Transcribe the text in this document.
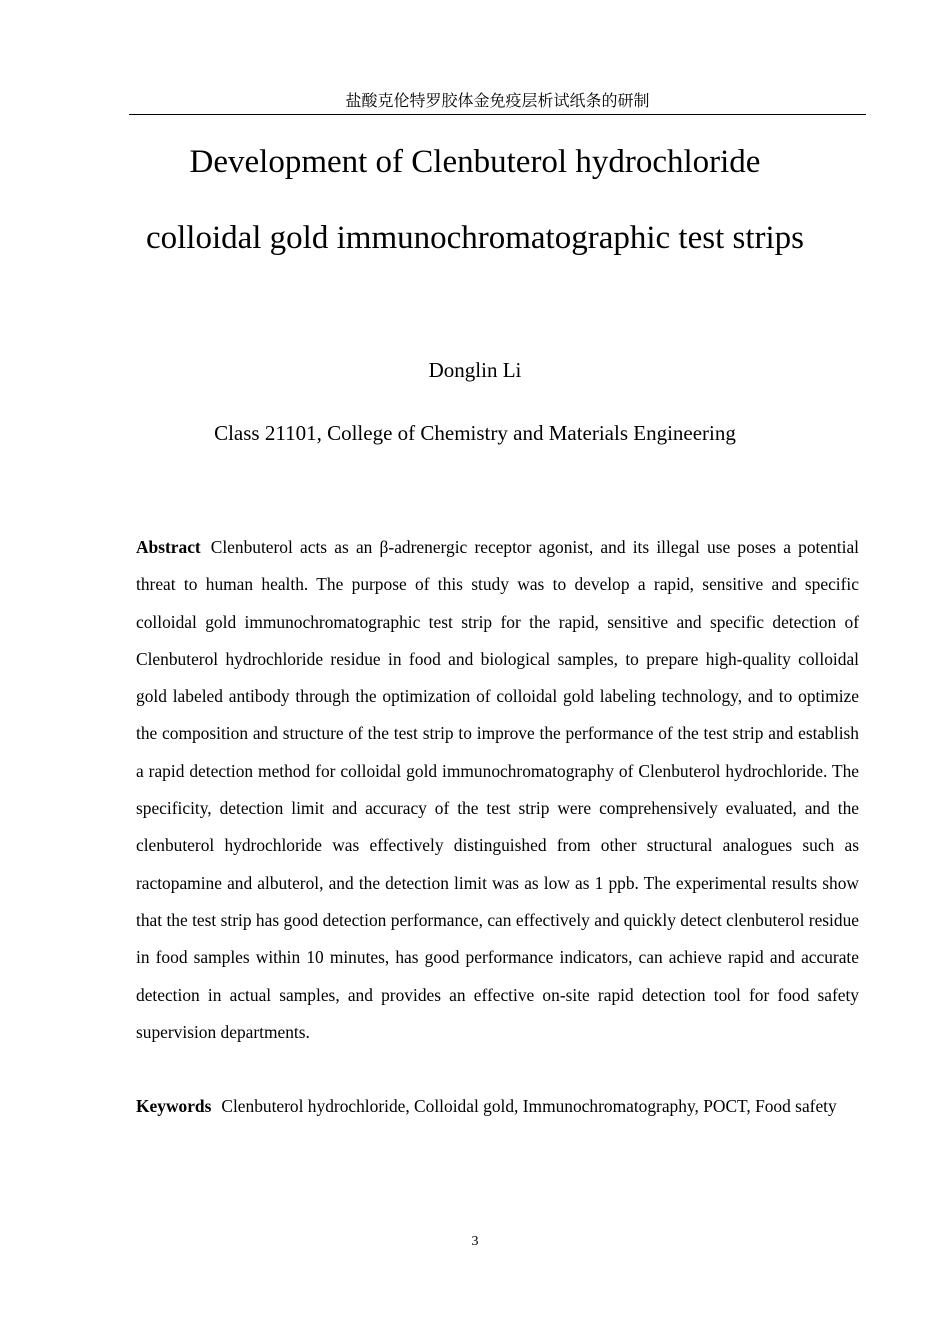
盐酸克伦特罗胶体金免疫层析试纸条的研制
Development of Clenbuterol hydrochloride
colloidal gold immunochromatographic test strips
Donglin Li
Class 21101, College of Chemistry and Materials Engineering

Abstract Clenbuterol acts as an β-adrenergic receptor agonist, and its illegal use poses a potential threat to human health. The purpose of this study was to develop a rapid, sensitive and specific colloidal gold immunochromatographic test strip for the rapid, sensitive and specific detection of Clenbuterol hydrochloride residue in food and biological samples, to prepare high-quality colloidal gold labeled antibody through the optimization of colloidal gold labeling technology, and to optimize the composition and structure of the test strip to improve the performance of the test strip and establish a rapid detection method for colloidal gold immunochromatography of Clenbuterol hydrochloride. The specificity, detection limit and accuracy of the test strip were comprehensively evaluated, and the clenbuterol hydrochloride was effectively distinguished from other structural analogues such as ractopamine and albuterol, and the detection limit was as low as 1 ppb. The experimental results show that the test strip has good detection performance, can effectively and quickly detect clenbuterol residue in food samples within 10 minutes, has good performance indicators, can achieve rapid and accurate detection in actual samples, and provides an effective on-site rapid detection tool for food safety supervision departments.

Keywords Clenbuterol hydrochloride, Colloidal gold, Immunochromatography, POCT, Food safety

3
